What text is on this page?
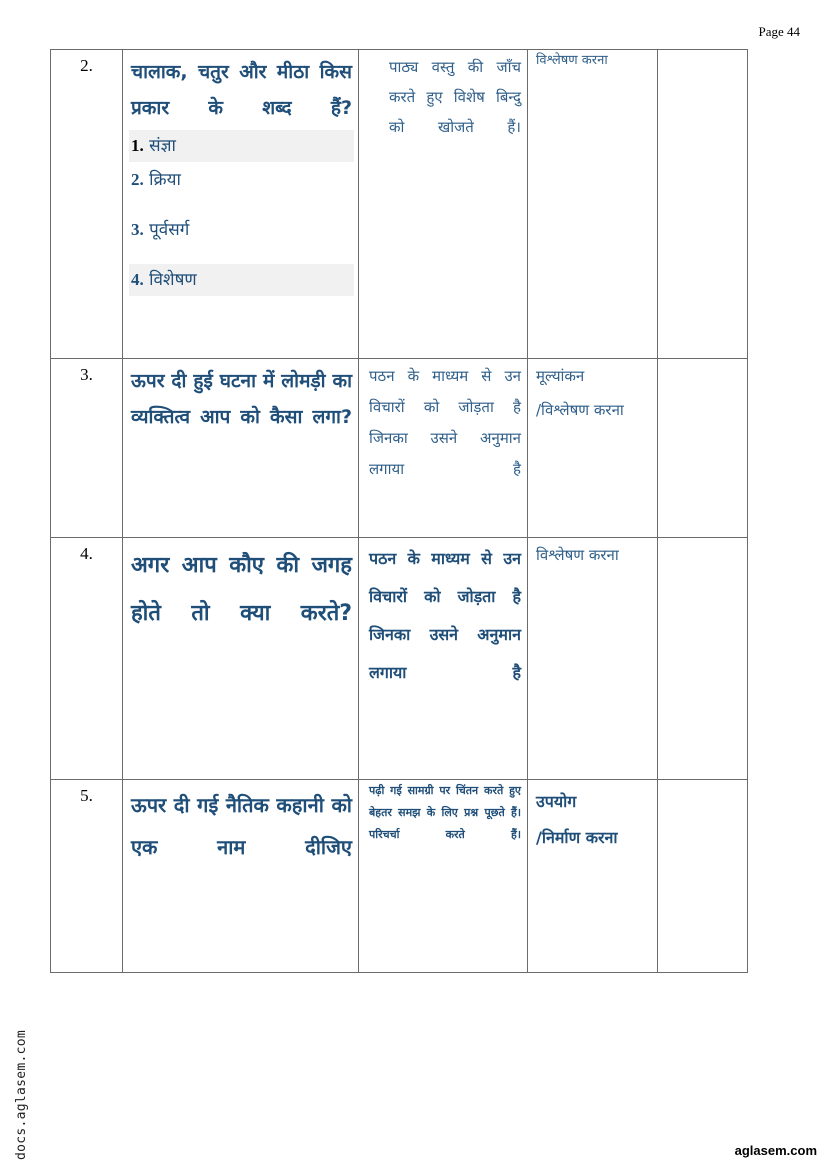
Page 44
2.	चालाक, चतुर और मीठा किस प्रकार के शब्द हैं?
1. संज्ञा
2. क्रिया
3. पूर्वसर्ग
4. विशेषण	पाठ्य वस्तु की जाँच करते हुए विशेष बिन्दु को खोजते हैं।	विश्लेषण करना	

3.	ऊपर दी हुई घटना में लोमड़ी का व्यक्तित्व आप को कैसा लगा?	पठन के माध्यम से उन विचारों को जोड़ता है जिनका उसने अनुमान लगाया है	मूल्यांकन
/विश्लेषण करना	

4.	अगर आप कौए की जगह होते तो क्या करते?	पठन के माध्यम से उन विचारों को जोड़ता है जिनका उसने अनुमान लगाया है	विश्लेषण करना	

5.	ऊपर दी गई नैतिक कहानी को एक नाम दीजिए	पढ़ी गई सामग्री पर चिंतन करते हुए बेहतर समझ के लिए प्रश्न पूछते हैं। परिचर्चा करते हैं।	उपयोग
/निर्माण करना	

docs.aglasem.com	aglasem.com
